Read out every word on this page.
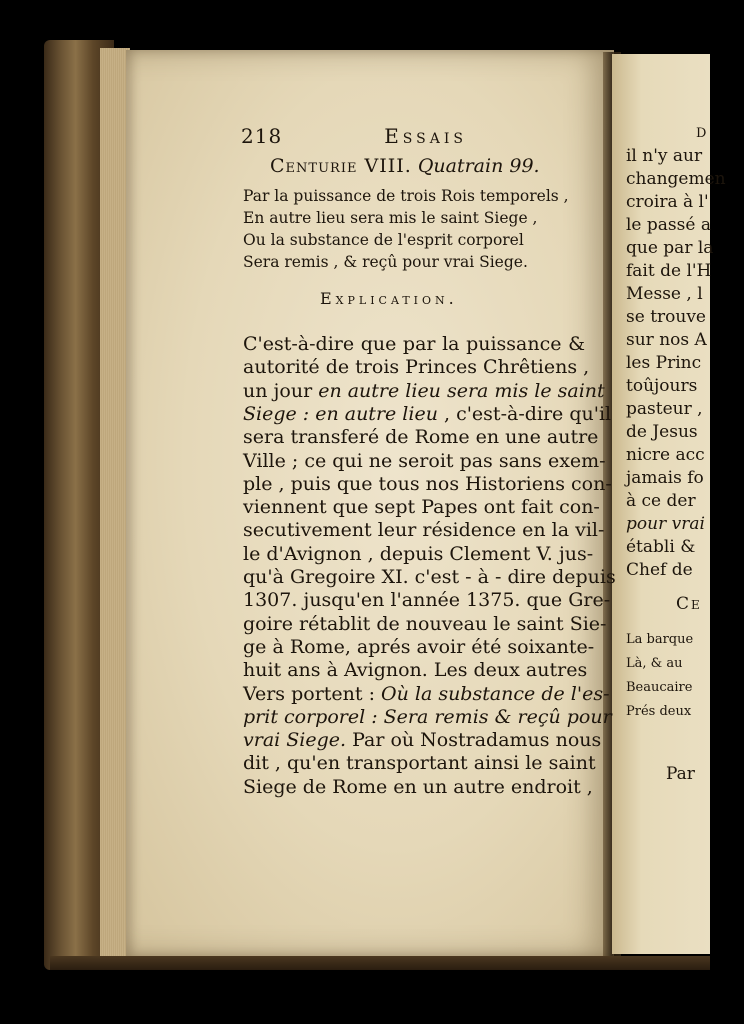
D
il n'y aur
changemen
croira à l'
le passé a
que par la
fait de l'H
Messe , l
se trouve
sur nos A
les Princ
toûjours
pasteur ,
de Jesus
nicre acc
jamais fo
à ce der
pour vrai
établi &
Chef de
Ce
La barque
Là, & au
Beaucaire
Prés deux
Par
218	Essais
Centurie VIII. Quatrain 99.
Par la puissance de trois Rois temporels ,
En autre lieu sera mis le saint Siege ,
Ou la substance de l'esprit corporel
Sera remis , & reçû pour vrai Siege.
Explication.
C'est-à-dire que par la puissance &
autorité de trois Princes Chrêtiens ,
un jour en autre lieu sera mis le saint
Siege : en autre lieu , c'est-à-dire qu'il
sera transferé de Rome en une autre
Ville ; ce qui ne seroit pas sans exem-
ple , puis que tous nos Historiens con-
viennent que sept Papes ont fait con-
secutivement leur résidence en la vil-
le d'Avignon , depuis Clement V. jus-
qu'à Gregoire XI. c'est - à - dire depuis
1307. jusqu'en l'année 1375. que Gre-
goire rétablit de nouveau le saint Sie-
ge à Rome, aprés avoir été soixante-
huit ans à Avignon. Les deux autres
Vers portent : Où la substance de l'es-
prit corporel : Sera remis & reçû pour
vrai Siege. Par où Nostradamus nous
dit , qu'en transportant ainsi le saint
Siege de Rome en un autre endroit ,
